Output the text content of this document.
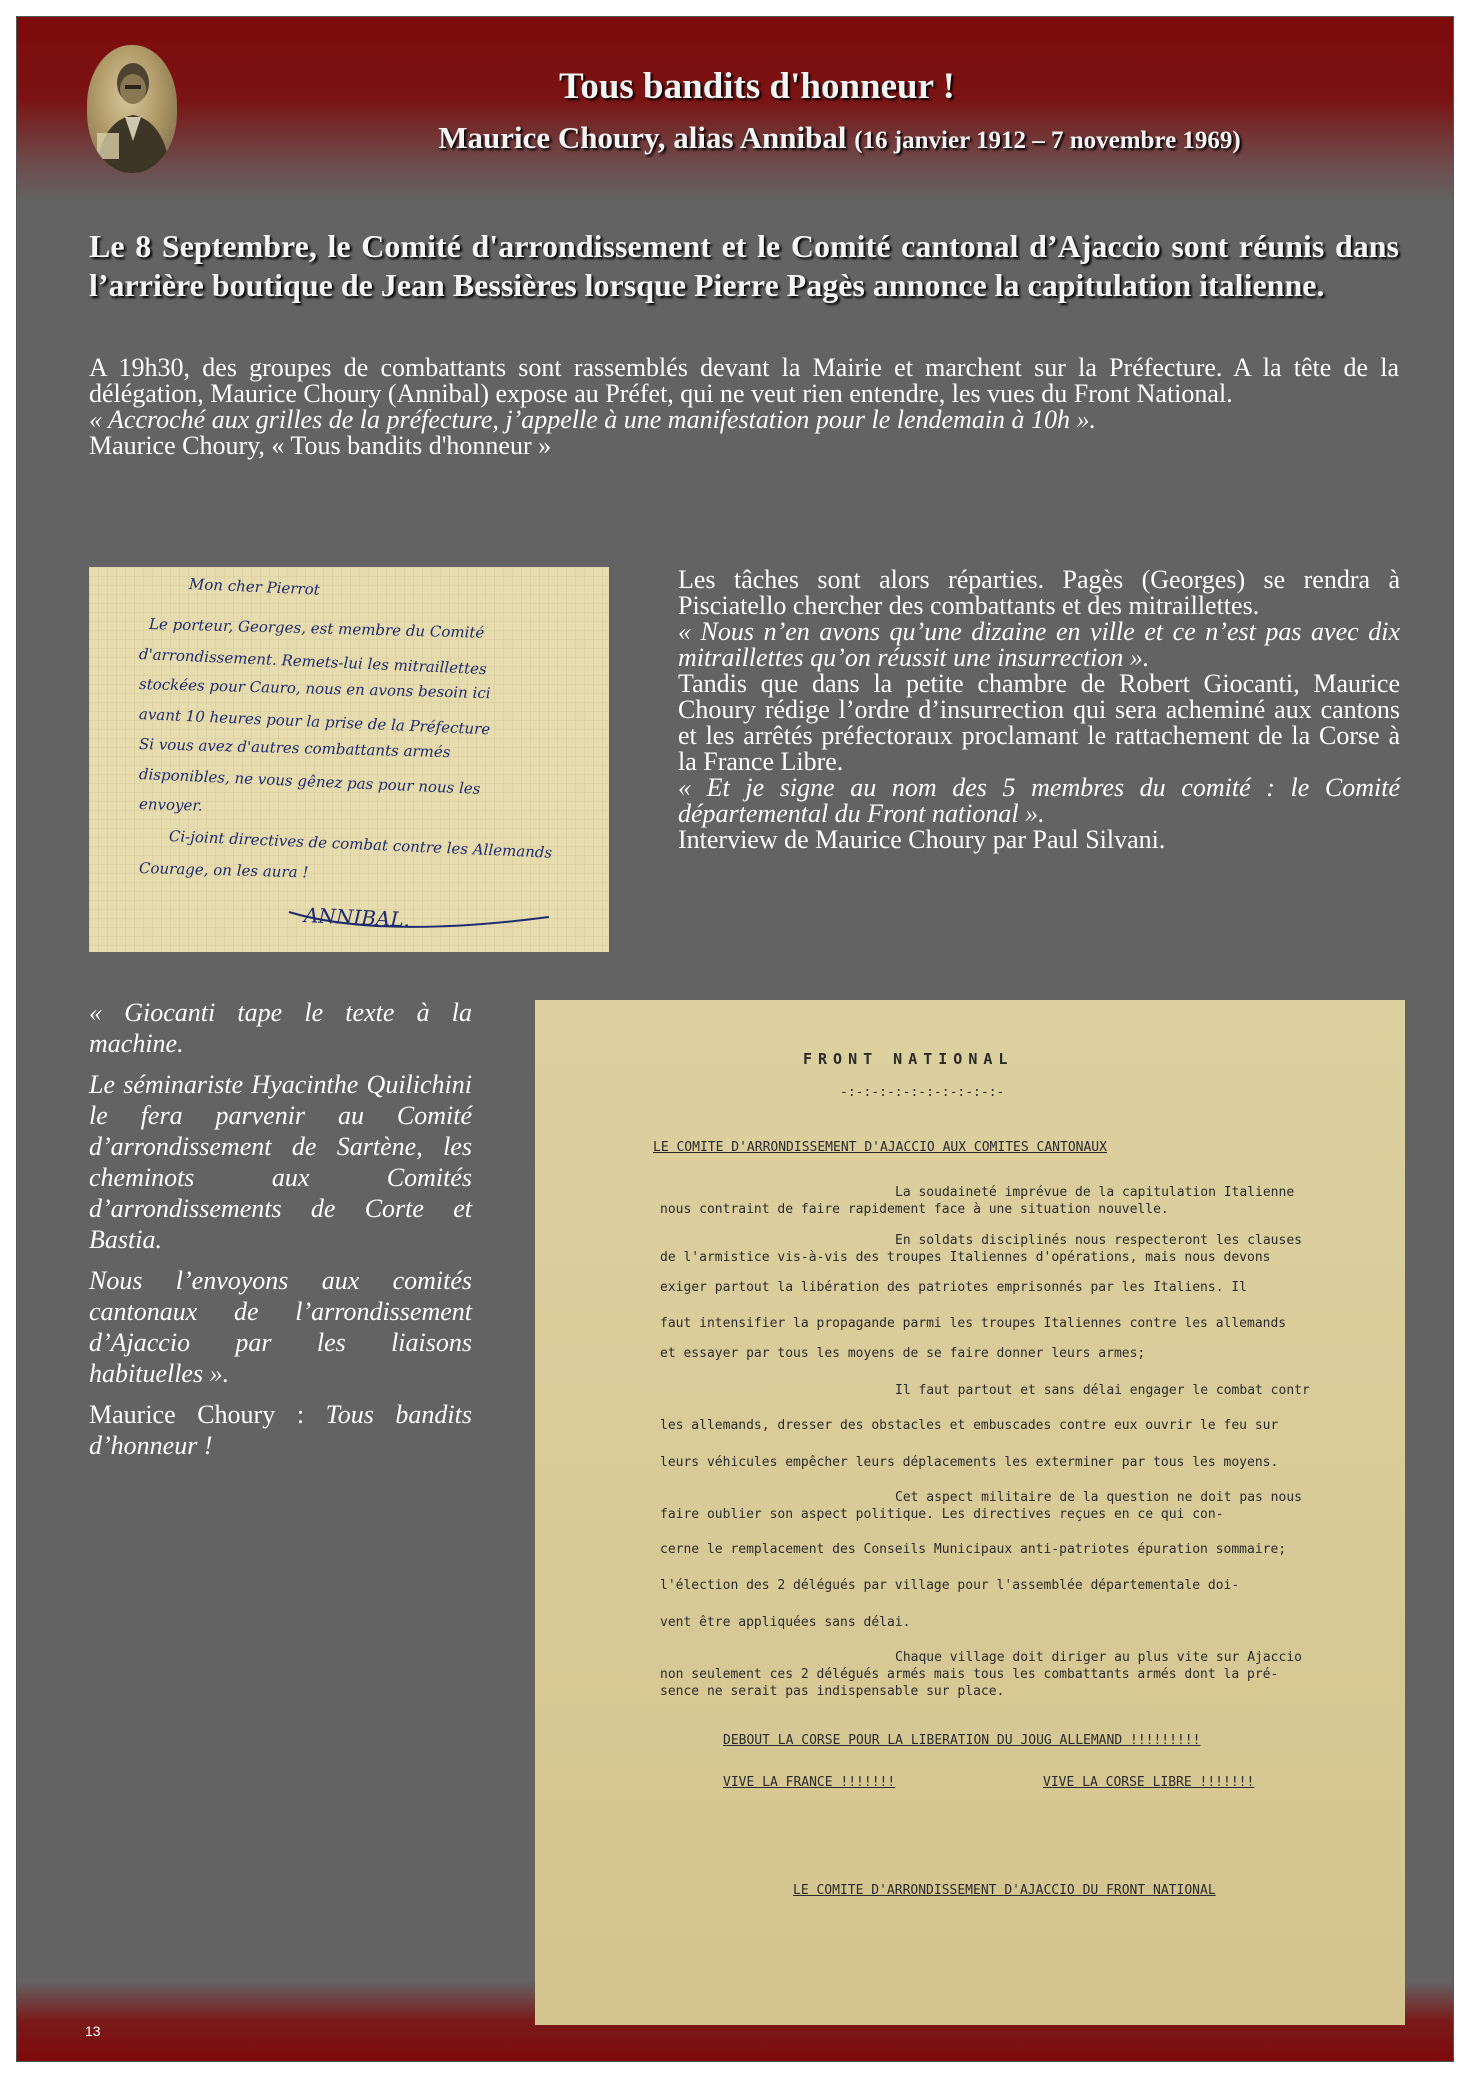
Tous bandits d'honneur !
Maurice Choury, alias Annibal (16 janvier 1912 – 7 novembre 1969)
Le 8 Septembre, le Comité d'arrondissement et le Comité cantonal d’Ajaccio sont réunis dans l’arrière boutique de Jean Bessières lorsque Pierre Pagès annonce la capitulation italienne.

A 19h30, des groupes de combattants sont rassemblés devant la Mairie et marchent sur la Préfecture. A la tête de la délégation, Maurice Choury (Annibal) expose au Préfet, qui ne veut rien entendre, les vues du Front National.

« Accroché aux grilles de la préfecture, j’appelle à une manifestation pour le lendemain à 10h ».

Maurice Choury, « Tous bandits d'honneur »

Mon cher Pierrot
Le porteur, Georges, est membre du Comité
d'arrondissement. Remets-lui les mitraillettes
stockées pour Cauro, nous en avons besoin ici
avant 10 heures pour la prise de la Préfecture
Si vous avez d'autres combattants armés
disponibles, ne vous gênez pas pour nous les
envoyer.
Ci-joint directives de combat contre les Allemands
Courage, on les aura !
ANNIBAL.

Les tâches sont alors réparties. Pagès (Georges) se rendra à Pisciatello chercher des combattants et des mitraillettes.

« Nous n’en avons qu’une dizaine en ville et ce n’est pas avec dix mitraillettes qu’on réussit une insurrection ».

Tandis que dans la petite chambre de Robert Giocanti, Maurice Choury rédige l’ordre d’insurrection qui sera acheminé aux cantons et les arrêtés préfectoraux proclamant le rattachement de la Corse à la France Libre.

« Et je signe au nom des 5 membres du comité : le Comité départemental du Front national ».

Interview de Maurice Choury par Paul Silvani.

« Giocanti tape le texte à la machine.

Le séminariste Hyacinthe Quilichini le fera parvenir au Comité d’arrondissement de Sartène, les cheminots aux Comités d’arrondissements de Corte et Bastia.

Nous l’envoyons aux comités cantonaux de l’arrondissement d’Ajaccio par les liaisons habituelles ».

Maurice Choury : Tous bandits d’honneur !

FRONT NATIONAL
-:-:-:-:-:-:-:-:-:-:-
LE COMITE D'ARRONDISSEMENT D'AJACCIO AUX COMITES CANTONAUX
La soudaineté imprévue de la capitulation Italienne
nous contraint de faire rapidement face à une situation nouvelle.
En soldats disciplinés nous respecteront les clauses
de l'armistice vis-à-vis des troupes Italiennes d'opérations, mais nous devons
exiger partout la libération des patriotes emprisonnés par les Italiens. Il
faut intensifier la propagande parmi les troupes Italiennes contre les allemands
et essayer par tous les moyens de se faire donner leurs armes;
Il faut partout et sans délai engager le combat contr
les allemands, dresser des obstacles et embuscades contre eux ouvrir le feu sur
leurs véhicules empêcher leurs déplacements les exterminer par tous les moyens.
Cet aspect militaire de la question ne doit pas nous
faire oublier son aspect politique. Les directives reçues en ce qui con-
cerne le remplacement des Conseils Municipaux anti-patriotes épuration sommaire;
l'élection des 2 délégués par village pour l'assemblée départementale doi-
vent être appliquées sans délai.
Chaque village doit diriger au plus vite sur Ajaccio
non seulement ces 2 délégués armés mais tous les combattants armés dont la pré-
sence ne serait pas indispensable sur place.
DEBOUT LA CORSE POUR LA LIBERATION DU JOUG ALLEMAND !!!!!!!!!
VIVE LA FRANCE !!!!!!!	VIVE LA CORSE LIBRE !!!!!!!
LE COMITE D'ARRONDISSEMENT D'AJACCIO DU FRONT NATIONAL
13
